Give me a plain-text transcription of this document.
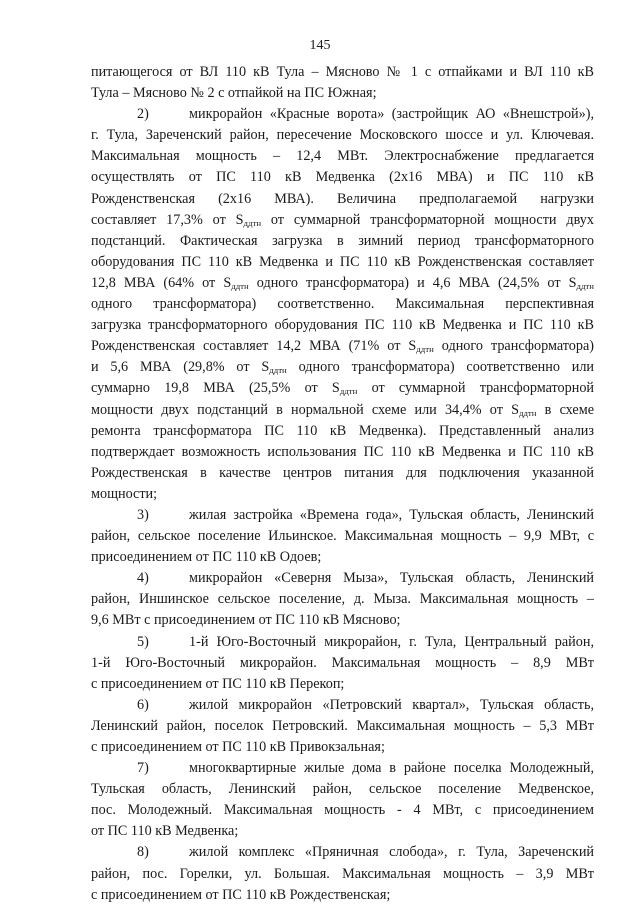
145
питающегося от ВЛ 110 кВ Тула – Мясново № 1 с отпайками и ВЛ 110 кВ
Тула – Мясново № 2 с отпайкой на ПС Южная;
2)	микрорайон «Красные ворота» (застройщик АО «Внешстрой»),
г. Тула, Зареченский район, пересечение Московского шоссе и ул. Ключевая.
Максимальная мощность – 12,4 МВт. Электроснабжение предлагается
осуществлять от ПС 110 кВ Медвенка (2x16 МВА) и ПС 110 кВ
Рожденственская (2x16 МВА). Величина предполагаемой нагрузки
составляет 17,3% от $S_{ддтн}$ от суммарной трансформаторной мощности двух
подстанций. Фактическая загрузка в зимний период трансформаторного
оборудования ПС 110 кВ Медвенка и ПС 110 кВ Рожденственская составляет
12,8 МВА (64% от $S_{ддтн}$ одного трансформатора) и 4,6 МВА (24,5% от $S_{ддтн}$
одного трансформатора) соответственно. Максимальная перспективная
загрузка трансформаторного оборудования ПС 110 кВ Медвенка и ПС 110 кВ
Рожденственская составляет 14,2 МВА (71% от $S_{ддтн}$ одного трансформатора)
и 5,6 МВА (29,8% от $S_{ддтн}$ одного трансформатора) соответственно или
суммарно 19,8 МВА (25,5% от $S_{ддтн}$ от суммарной трансформаторной
мощности двух подстанций в нормальной схеме или 34,4% от $S_{ддтн}$ в схеме
ремонта трансформатора ПС 110 кВ Медвенка). Представленный анализ
подтверждает возможность использования ПС 110 кВ Медвенка и ПС 110 кВ
Рождественская в качестве центров питания для подключения указанной
мощности;
3)	жилая застройка «Времена года», Тульская область, Ленинский
район, сельское поселение Ильинское. Максимальная мощность – 9,9 МВт, с
присоединением от ПС 110 кВ Одоев;
4)	микрорайон «Северня Мыза», Тульская область, Ленинский
район, Иншинское сельское поселение, д. Мыза. Максимальная мощность –
9,6 МВт с присоединением от ПС 110 кВ Мясново;
5)	1-й Юго-Восточный микрорайон, г. Тула, Центральный район,
1-й Юго-Восточный микрорайон. Максимальная мощность – 8,9 МВт
с присоединением от ПС 110 кВ Перекоп;
6)	жилой микрорайон «Петровский квартал», Тульская область,
Ленинский район, поселок Петровский. Максимальная мощность – 5,3 МВт
с присоединением от ПС 110 кВ Привокзальная;
7)	многоквартирные жилые дома в районе поселка Молодежный,
Тульская область, Ленинский район, сельское поселение Медвенское,
пос. Молодежный. Максимальная мощность - 4 МВт, с присоединением
от ПС 110 кВ Медвенка;
8)	жилой комплекс «Пряничная слобода», г. Тула, Зареченский
район, пос. Горелки, ул. Большая. Максимальная мощность – 3,9 МВт
с присоединением от ПС 110 кВ Рождественская;
